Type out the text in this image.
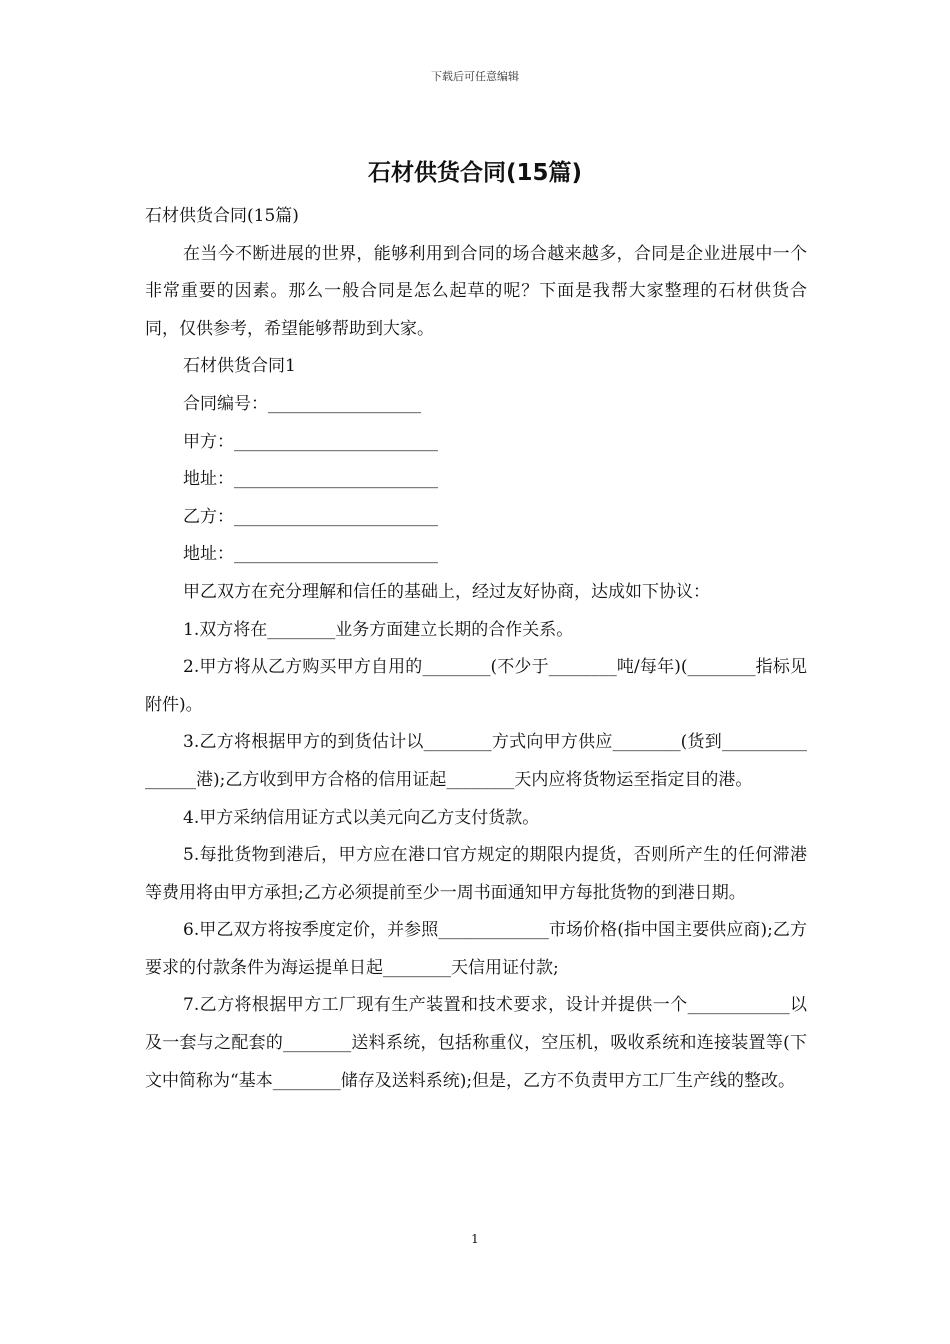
下载后可任意编辑
石材供货合同(15篇)

石材供货合同(15篇)

在当今不断进展的世界，能够利用到合同的场合越来越多，合同是企业进展中一个非常重要的因素。那么一般合同是怎么起草的呢？下面是我帮大家整理的石材供货合同，仅供参考，希望能够帮助到大家。

石材供货合同1

合同编号：__________________

甲方：________________________

地址：________________________

乙方：________________________

地址：________________________

甲乙双方在充分理解和信任的基础上，经过友好协商，达成如下协议：

1.双方将在________业务方面建立长期的合作关系。

2.甲方将从乙方购买甲方自用的________(不少于________吨/每年)(________指标见附件)。

3.乙方将根据甲方的到货估计以________方式向甲方供应________(货到________________港);乙方收到甲方合格的信用证起________天内应将货物运至指定目的港。

4.甲方采纳信用证方式以美元向乙方支付货款。

5.每批货物到港后，甲方应在港口官方规定的期限内提货，否则所产生的任何滞港等费用将由甲方承担;乙方必须提前至少一周书面通知甲方每批货物的到港日期。

6.甲乙双方将按季度定价，并参照_____________市场价格(指中国主要供应商);乙方要求的付款条件为海运提单日起________天信用证付款;

7.乙方将根据甲方工厂现有生产装置和技术要求，设计并提供一个____________以及一套与之配套的________送料系统，包括称重仪，空压机，吸收系统和连接装置等(下文中简称为“基本________储存及送料系统);但是，乙方不负责甲方工厂生产线的整改。

1
